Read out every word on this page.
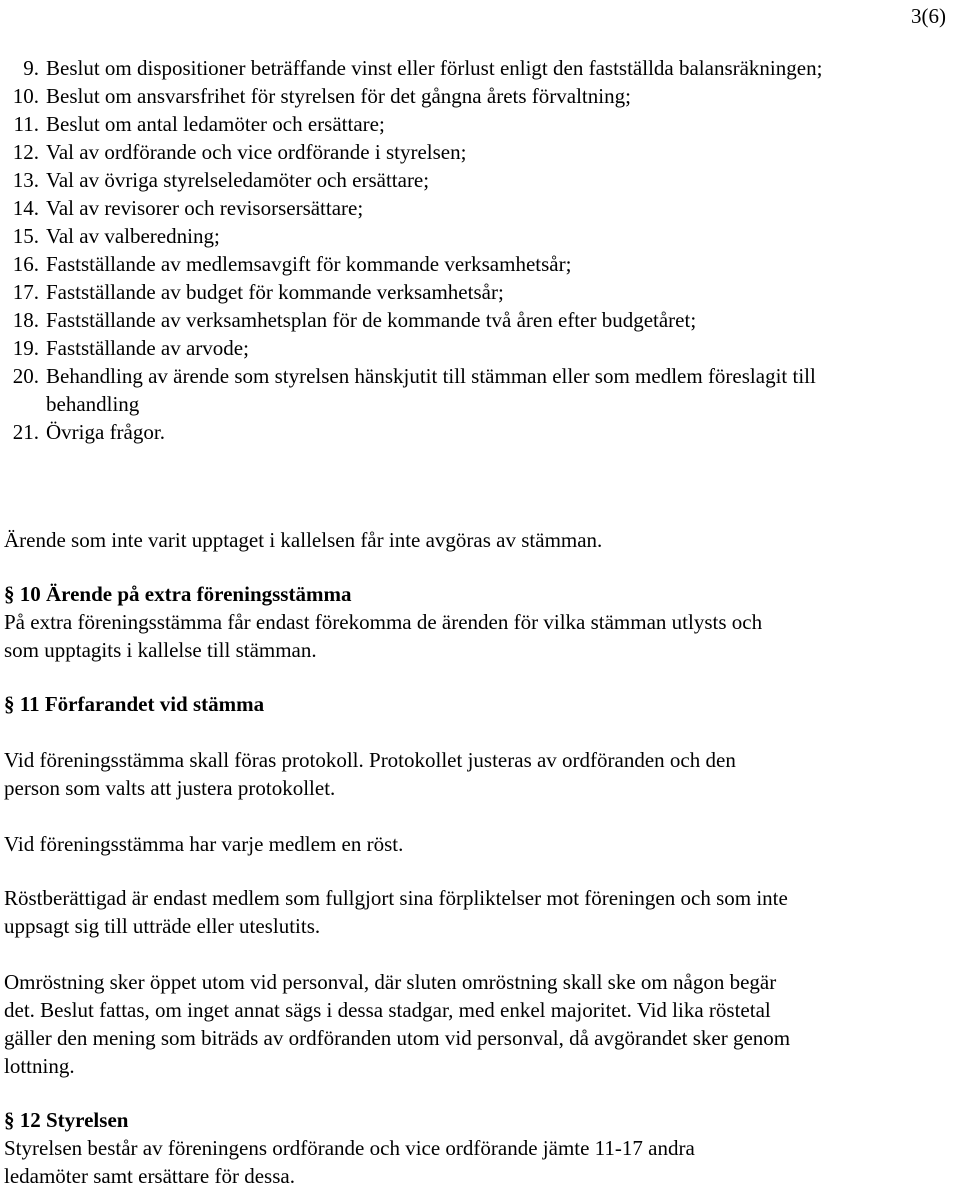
3(6)
9. Beslut om dispositioner beträffande vinst eller förlust enligt den fastställda balansräkningen;
10. Beslut om ansvarsfrihet för styrelsen för det gångna årets förvaltning;
11. Beslut om antal ledamöter och ersättare;
12. Val av ordförande och vice ordförande i styrelsen;
13. Val av övriga styrelseledamöter och ersättare;
14. Val av revisorer och revisorsersättare;
15. Val av valberedning;
16. Fastställande av medlemsavgift för kommande verksamhetsår;
17. Fastställande av budget för kommande verksamhetsår;
18. Fastställande av verksamhetsplan för de kommande två åren efter budgetåret;
19. Fastställande av arvode;
20. Behandling av ärende som styrelsen hänskjutit till stämman eller som medlem föreslagit till behandling
21. Övriga frågor.

Ärende som inte varit upptaget i kallelsen får inte avgöras av stämman.

§ 10 Ärende på extra föreningsstämma

På extra föreningsstämma får endast förekomma de ärenden för vilka stämman utlysts och som upptagits i kallelse till stämman.

§ 11 Förfarandet vid stämma

Vid föreningsstämma skall föras protokoll. Protokollet justeras av ordföranden och den person som valts att justera protokollet.

Vid föreningsstämma har varje medlem en röst.

Röstberättigad är endast medlem som fullgjort sina förpliktelser mot föreningen och som inte uppsagt sig till utträde eller uteslutits.

Omröstning sker öppet utom vid personval, där sluten omröstning skall ske om någon begär det. Beslut fattas, om inget annat sägs i dessa stadgar, med enkel majoritet. Vid lika röstetal gäller den mening som biträds av ordföranden utom vid personval, då avgörandet sker genom lottning.

§ 12 Styrelsen

Styrelsen består av föreningens ordförande och vice ordförande jämte 11-17 andra ledamöter samt ersättare för dessa.
